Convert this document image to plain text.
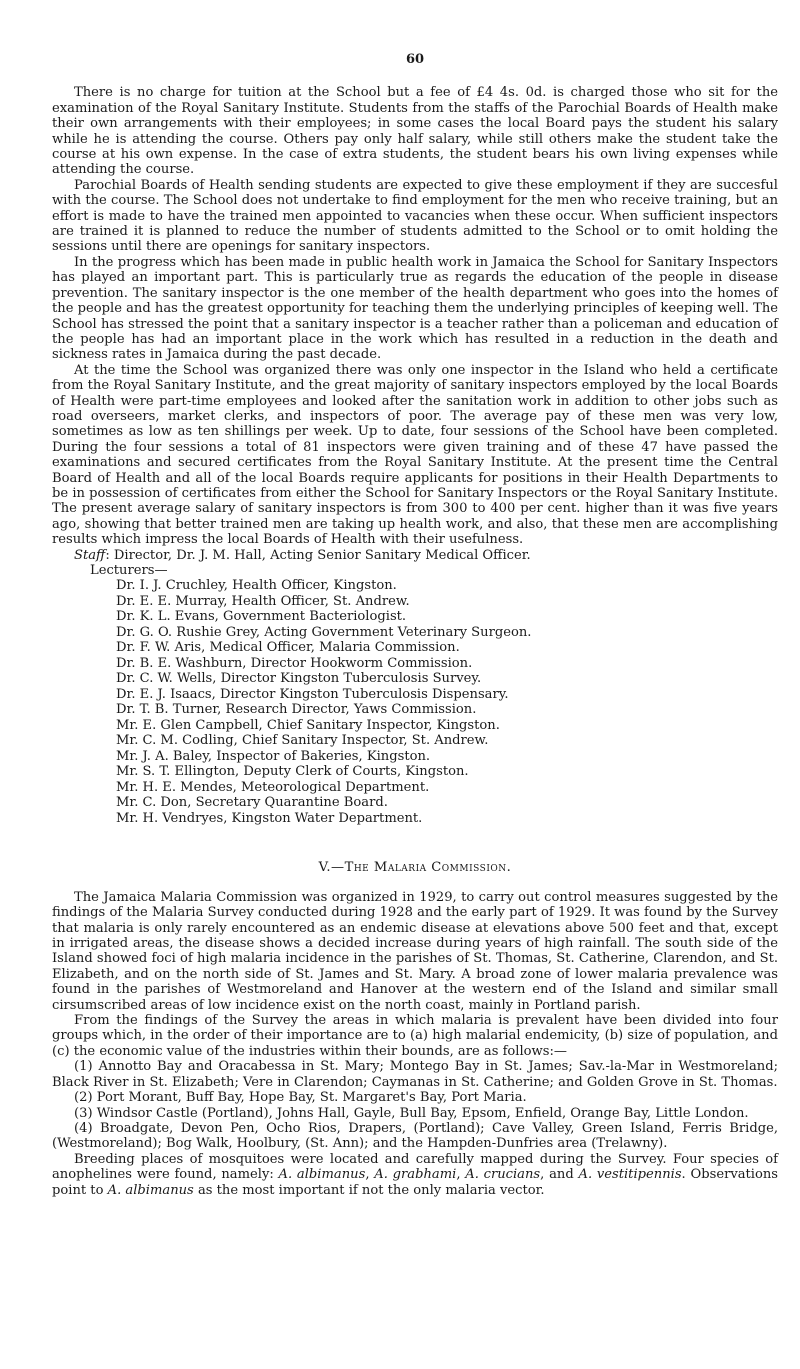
60

There is no charge for tuition at the School but a fee of £4 4s. 0d. is charged those who sit for the examination of the Royal Sanitary Institute. Students from the staffs of the Parochial Boards of Health make their own arrangements with their employees; in some cases the local Board pays the student his salary while he is attending the course. Others pay only half salary, while still others make the student take the course at his own expense. In the case of extra students, the student bears his own living expenses while attending the course.

Parochial Boards of Health sending students are expected to give these employment if they are succesful with the course. The School does not undertake to find employment for the men who receive training, but an effort is made to have the trained men appointed to vacancies when these occur. When sufficient inspectors are trained it is planned to reduce the number of students admitted to the School or to omit holding the sessions until there are openings for sanitary inspectors.

In the progress which has been made in public health work in Jamaica the School for Sanitary Inspectors has played an important part. This is particularly true as regards the education of the people in disease prevention. The sanitary inspector is the one member of the health department who goes into the homes of the people and has the greatest opportunity for teaching them the underlying principles of keeping well. The School has stressed the point that a sanitary inspector is a teacher rather than a policeman and education of the people has had an important place in the work which has resulted in a reduction in the death and sickness rates in Jamaica during the past decade.

At the time the School was organized there was only one inspector in the Island who held a certificate from the Royal Sanitary Institute, and the great majority of sanitary inspectors employed by the local Boards of Health were part-time employees and looked after the sanitation work in addition to other jobs such as road overseers, market clerks, and inspectors of poor. The average pay of these men was very low, sometimes as low as ten shillings per week. Up to date, four sessions of the School have been completed. During the four sessions a total of 81 inspectors were given training and of these 47 have passed the examinations and secured certificates from the Royal Sanitary Institute. At the present time the Central Board of Health and all of the local Boards require applicants for positions in their Health Departments to be in possession of certificates from either the School for Sanitary Inspectors or the Royal Sanitary Institute. The present average salary of sanitary inspectors is from 300 to 400 per cent. higher than it was five years ago, showing that better trained men are taking up health work, and also, that these men are accomplishing results which impress the local Boards of Health with their usefulness.

Staff: Director, Dr. J. M. Hall, Acting Senior Sanitary Medical Officer.
Lecturers—
Dr. I. J. Cruchley, Health Officer, Kingston.
Dr. E. E. Murray, Health Officer, St. Andrew.
Dr. K. L. Evans, Government Bacteriologist.
Dr. G. O. Rushie Grey, Acting Government Veterinary Surgeon.
Dr. F. W. Aris, Medical Officer, Malaria Commission.
Dr. B. E. Washburn, Director Hookworm Commission.
Dr. C. W. Wells, Director Kingston Tuberculosis Survey.
Dr. E. J. Isaacs, Director Kingston Tuberculosis Dispensary.
Dr. T. B. Turner, Research Director, Yaws Commission.
Mr. E. Glen Campbell, Chief Sanitary Inspector, Kingston.
Mr. C. M. Codling, Chief Sanitary Inspector, St. Andrew.
Mr. J. A. Baley, Inspector of Bakeries, Kingston.
Mr. S. T. Ellington, Deputy Clerk of Courts, Kingston.
Mr. H. E. Mendes, Meteorological Department.
Mr. C. Don, Secretary Quarantine Board.
Mr. H. Vendryes, Kingston Water Department.
V.—The Malaria Commission.

The Jamaica Malaria Commission was organized in 1929, to carry out control measures suggested by the findings of the Malaria Survey conducted during 1928 and the early part of 1929. It was found by the Survey that malaria is only rarely encountered as an endemic disease at elevations above 500 feet and that, except in irrigated areas, the disease shows a decided increase during years of high rainfall. The south side of the Island showed foci of high malaria incidence in the parishes of St. Thomas, St. Catherine, Clarendon, and St. Elizabeth, and on the north side of St. James and St. Mary. A broad zone of lower malaria prevalence was found in the parishes of Westmoreland and Hanover at the western end of the Island and similar small cirsumscribed areas of low incidence exist on the north coast, mainly in Portland parish.

From the findings of the Survey the areas in which malaria is prevalent have been divided into four groups which, in the order of their importance are to (a) high malarial endemicity, (b) size of population, and (c) the economic value of the industries within their bounds, are as follows:—

(1) Annotto Bay and Oracabessa in St. Mary; Montego Bay in St. James; Sav.-la-Mar in Westmoreland; Black River in St. Elizabeth; Vere in Clarendon; Caymanas in St. Catherine; and Golden Grove in St. Thomas.
(2) Port Morant, Buff Bay, Hope Bay, St. Margaret's Bay, Port Maria.
(3) Windsor Castle (Portland), Johns Hall, Gayle, Bull Bay, Epsom, Enfield, Orange Bay, Little London.
(4) Broadgate, Devon Pen, Ocho Rios, Drapers, (Portland); Cave Valley, Green Island, Ferris Bridge, (Westmoreland); Bog Walk, Hoolbury, (St. Ann); and the Hampden-Dunfries area (Trelawny).

Breeding places of mosquitoes were located and carefully mapped during the Survey. Four species of anophelines were found, namely: A. albimanus, A. grabhami, A. crucians, and A. vestitipennis. Observations point to A. albimanus as the most important if not the only malaria vector.
